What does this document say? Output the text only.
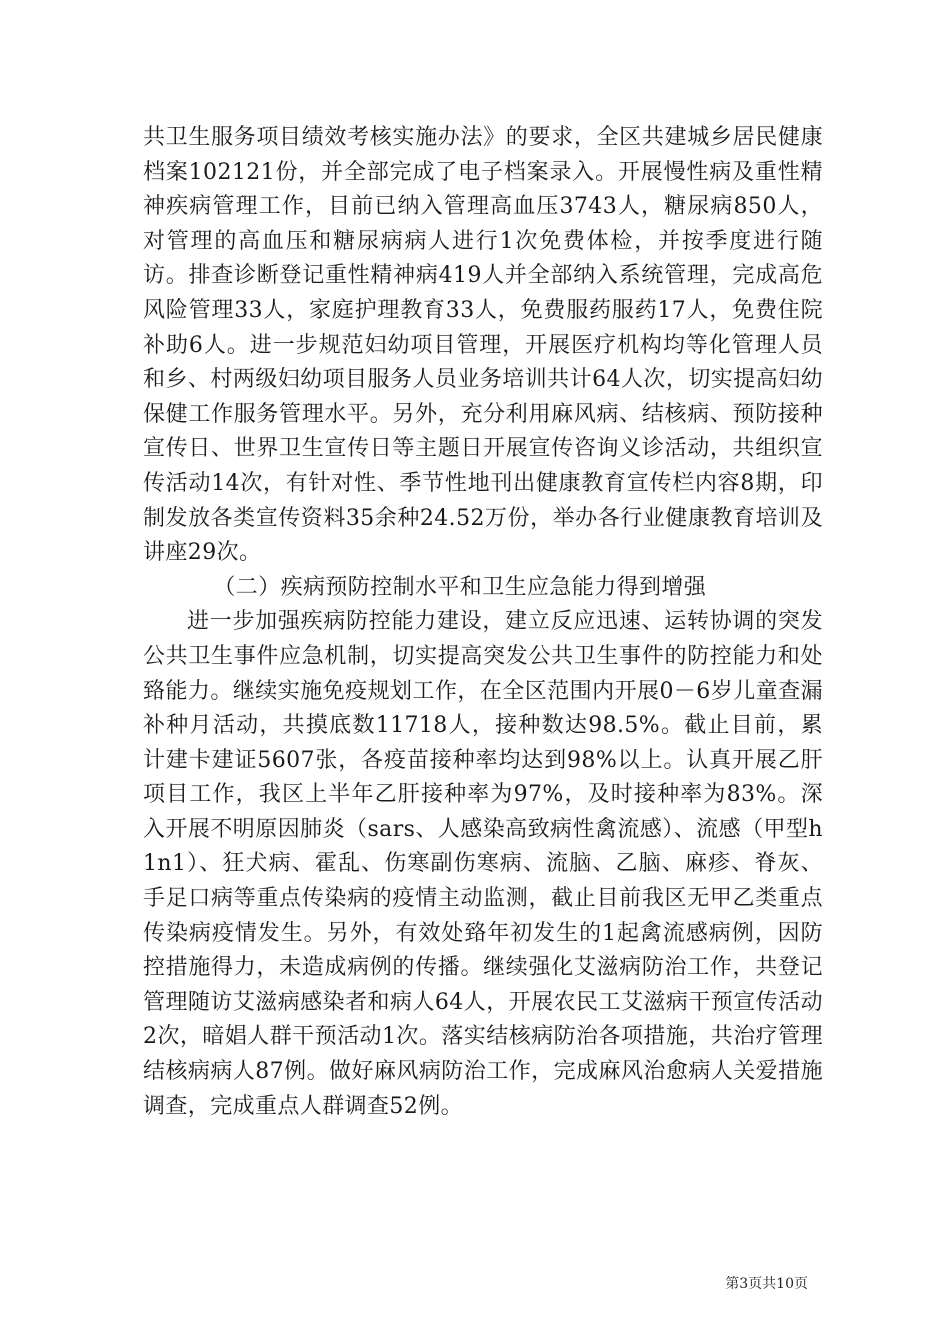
共卫生服务项目绩效考核实施办法》的要求，全区共建城乡居民健康档案102121份，并全部完成了电子档案录入。开展慢性病及重性精神疾病管理工作，目前已纳入管理高血压3743人，糖尿病850人，对管理的高血压和糖尿病病人进行1次免费体检，并按季度进行随访。排查诊断登记重性精神病419人并全部纳入系统管理，完成高危风险管理33人，家庭护理教育33人，免费服药服药17人，免费住院补助6人。进一步规范妇幼项目管理，开展医疗机构均等化管理人员和乡、村两级妇幼项目服务人员业务培训共计64人次，切实提高妇幼保健工作服务管理水平。另外，充分利用麻风病、结核病、预防接种宣传日、世界卫生宣传日等主题日开展宣传咨询义诊活动，共组织宣传活动14次，有针对性、季节性地刊出健康教育宣传栏内容8期，印制发放各类宣传资料35余种24.52万份，举办各行业健康教育培训及讲座29次。

（二）疾病预防控制水平和卫生应急能力得到增强

进一步加强疾病防控能力建设，建立反应迅速、运转协调的突发公共卫生事件应急机制，切实提高突发公共卫生事件的防控能力和处臵能力。继续实施免疫规划工作，在全区范围内开展0－6岁儿童查漏补种月活动，共摸底数11718人，接种数达98.5%。截止目前，累计建卡建证5607张，各疫苗接种率均达到98%以上。认真开展乙肝项目工作，我区上半年乙肝接种率为97%，及时接种率为83%。深入开展不明原因肺炎（sars、人感染高致病性禽流感）、流感（甲型h1n1）、狂犬病、霍乱、伤寒副伤寒病、流脑、乙脑、麻疹、脊灰、手足口病等重点传染病的疫情主动监测，截止目前我区无甲乙类重点传染病疫情发生。另外，有效处臵年初发生的1起禽流感病例，因防控措施得力，未造成病例的传播。继续强化艾滋病防治工作，共登记管理随访艾滋病感染者和病人64人，开展农民工艾滋病干预宣传活动2次，暗娼人群干预活动1次。落实结核病防治各项措施，共治疗管理结核病病人87例。做好麻风病防治工作，完成麻风治愈病人关爱措施调查，完成重点人群调查52例。

第3页共10页
